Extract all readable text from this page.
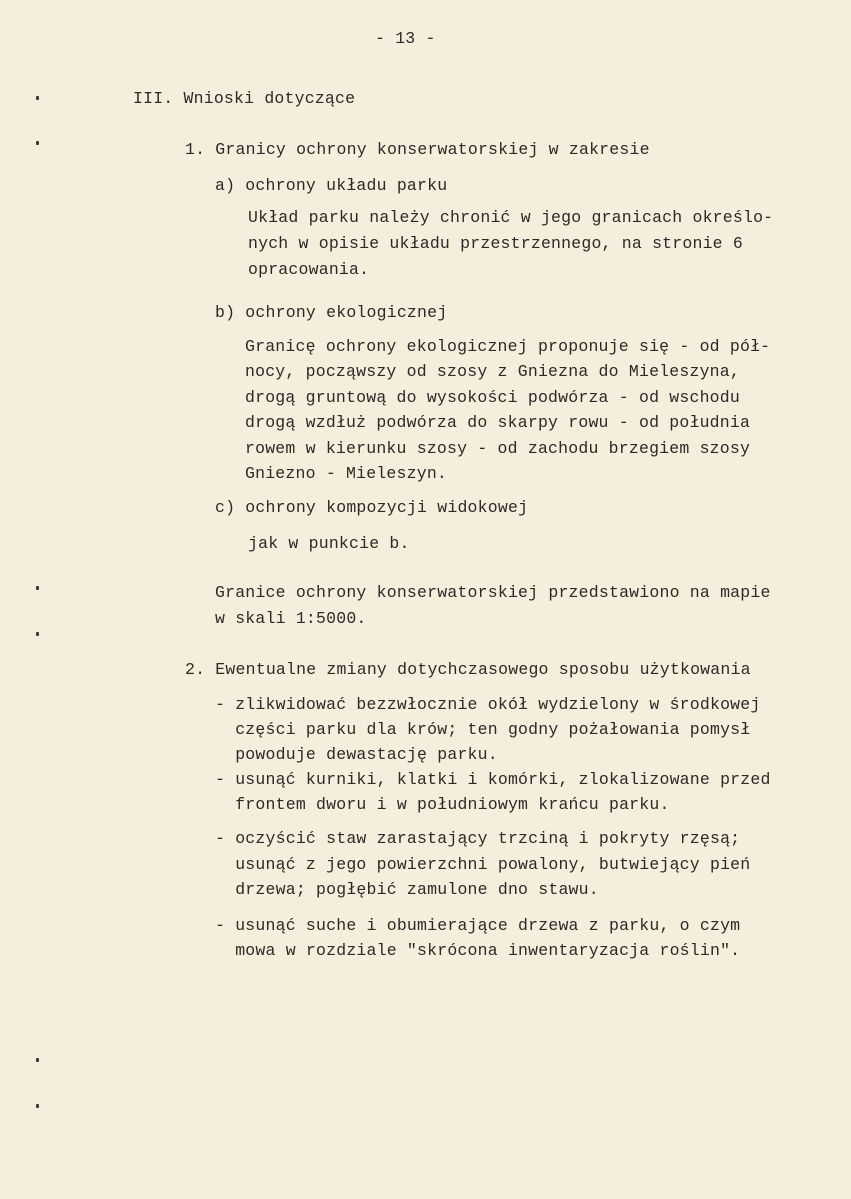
- 13 -
III. Wnioski dotyczące
1. Granicy ochrony konserwatorskiej w zakresie
a) ochrony układu parku
Układ parku należy chronić w jego granicach określo-
nych w opisie układu przestrzennego, na stronie 6
opracowania.
b) ochrony ekologicznej
Granicę ochrony ekologicznej proponuje się - od pół-
nocy, począwszy od szosy z Gniezna do Mieleszyna,
drogą gruntową do wysokości podwórza - od wschodu
drogą wzdłuż podwórza do skarpy rowu - od południa
rowem w kierunku szosy - od zachodu brzegiem szosy
Gniezno - Mieleszyn.
c) ochrony kompozycji widokowej
jak w punkcie b.
Granice ochrony konserwatorskiej przedstawiono na mapie
w skali 1:5000.
2. Ewentualne zmiany dotychczasowego sposobu użytkowania
- zlikwidować bezzwłocznie okół wydzielony w środkowej
części parku dla krów; ten godny pożałowania pomysł
powoduje dewastację parku.
- usunąć kurniki, klatki i komórki, zlokalizowane przed
frontem dworu i w południowym krańcu parku.
- oczyścić staw zarastający trzciną i pokryty rzęsą;
usunąć z jego powierzchni powalony, butwiejący pień
drzewa; pogłębić zamulone dno stawu.
- usunąć suche i obumierające drzewa z parku, o czym
mowa w rozdziale "skrócona inwentaryzacja roślin".
